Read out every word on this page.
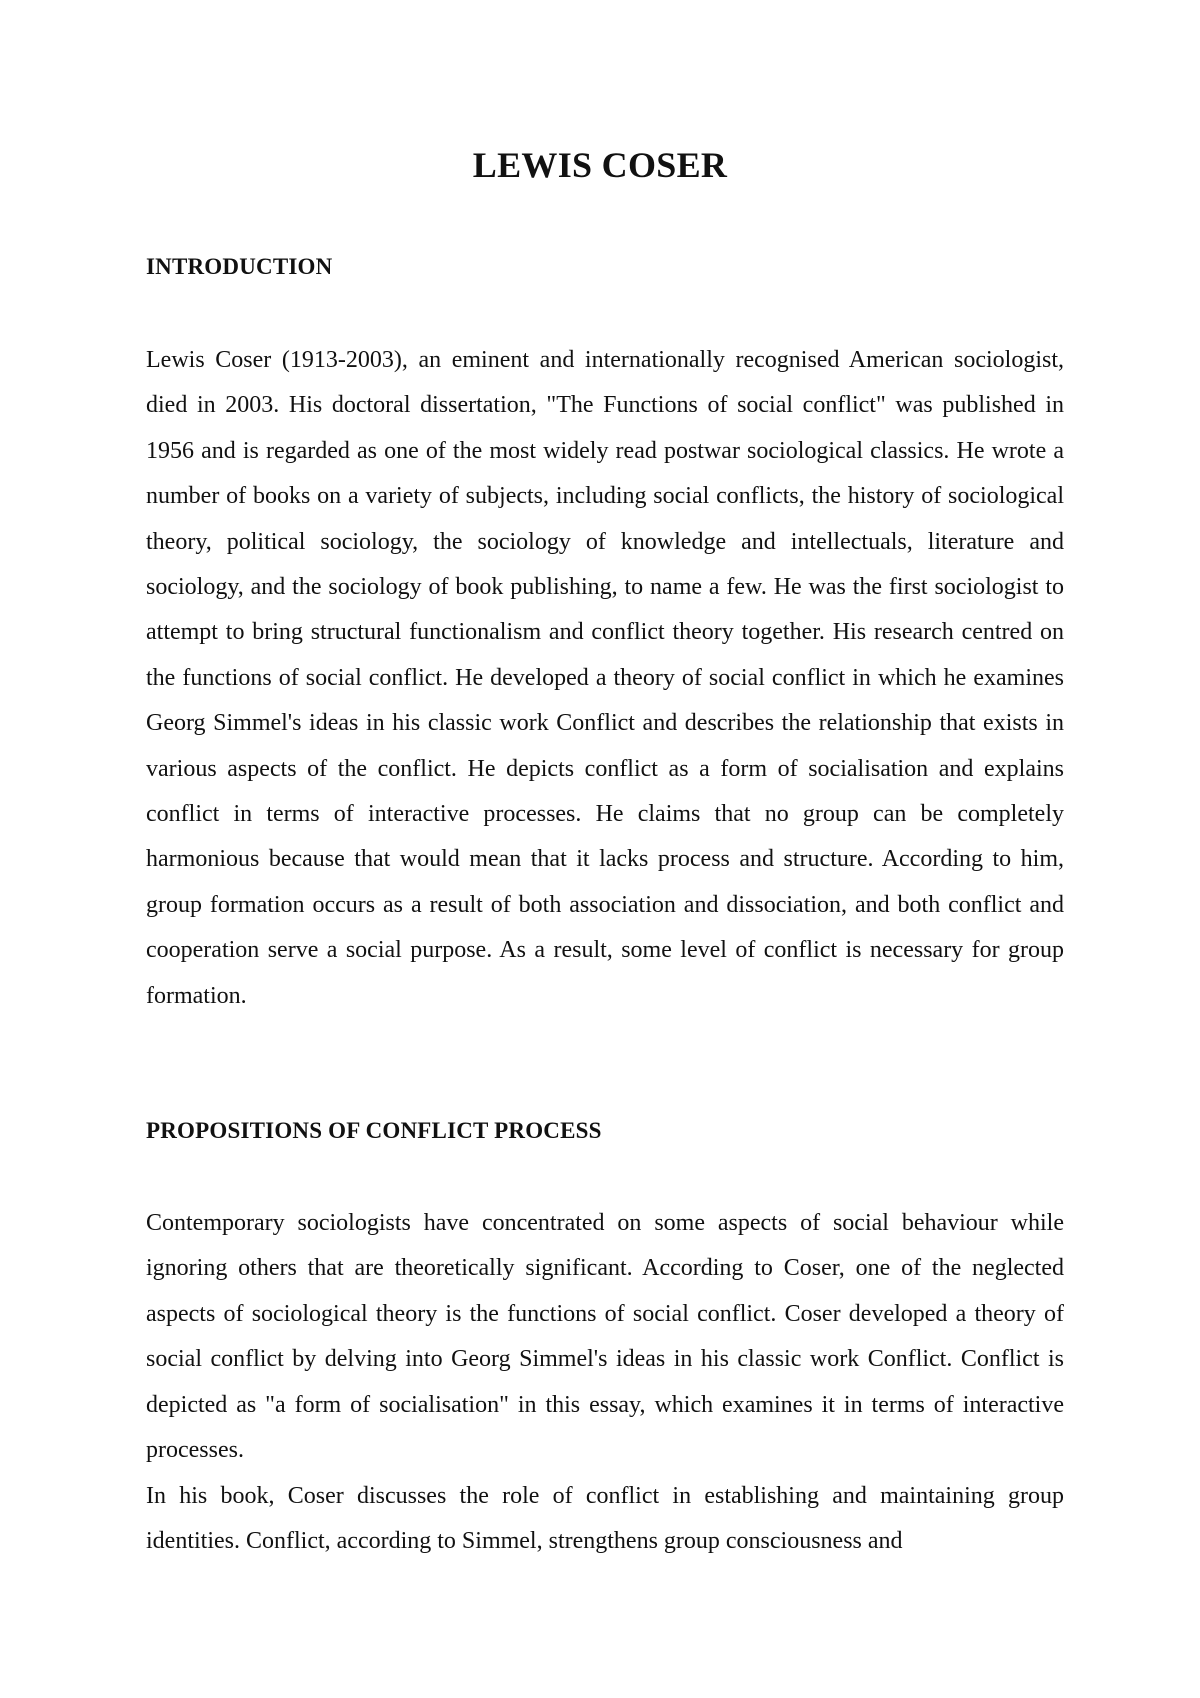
LEWIS COSER
INTRODUCTION

Lewis Coser (1913-2003), an eminent and internationally recognised American sociologist, died in 2003. His doctoral dissertation, "The Functions of social conflict" was published in 1956 and is regarded as one of the most widely read postwar sociological classics. He wrote a number of books on a variety of subjects, including social conflicts, the history of sociological theory, political sociology, the sociology of knowledge and intellectuals, literature and sociology, and the sociology of book publishing, to name a few. He was the first sociologist to attempt to bring structural functionalism and conflict theory together. His research centred on the functions of social conflict. He developed a theory of social conflict in which he examines Georg Simmel's ideas in his classic work Conflict and describes the relationship that exists in various aspects of the conflict. He depicts conflict as a form of socialisation and explains conflict in terms of interactive processes. He claims that no group can be completely harmonious because that would mean that it lacks process and structure. According to him, group formation occurs as a result of both association and dissociation, and both conflict and cooperation serve a social purpose. As a result, some level of conflict is necessary for group formation.

PROPOSITIONS OF CONFLICT PROCESS

Contemporary sociologists have concentrated on some aspects of social behaviour while ignoring others that are theoretically significant. According to Coser, one of the neglected aspects of sociological theory is the functions of social conflict. Coser developed a theory of social conflict by delving into Georg Simmel's ideas in his classic work Conflict. Conflict is depicted as "a form of socialisation" in this essay, which examines it in terms of interactive processes.

In his book, Coser discusses the role of conflict in establishing and maintaining group identities. Conflict, according to Simmel, strengthens group consciousness and
